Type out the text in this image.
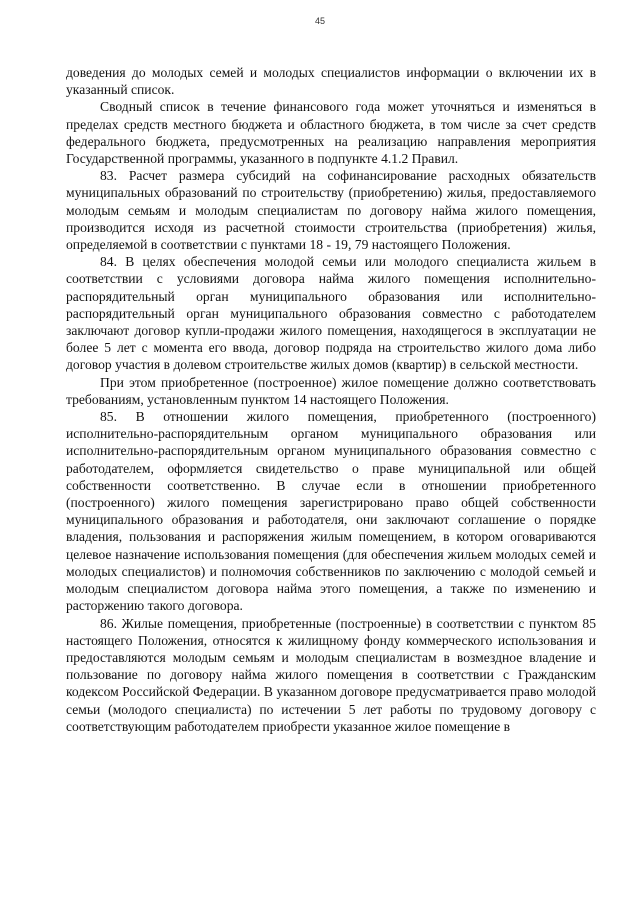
45

доведения до молодых семей и молодых специалистов информации о включении их в указанный список.

Сводный список в течение финансового года может уточняться и изменяться в пределах средств местного бюджета и областного бюджета, в том числе за счет средств федерального бюджета, предусмотренных на реализацию направления мероприятия Государственной программы, указанного в подпункте 4.1.2 Правил.

83. Расчет размера субсидий на софинансирование расходных обязательств муниципальных образований по строительству (приобретению) жилья, предоставляемого молодым семьям и молодым специалистам по договору найма жилого помещения, производится исходя из расчетной стоимости строительства (приобретения) жилья, определяемой в соответствии с пунктами 18 - 19, 79 настоящего Положения.

84. В целях обеспечения молодой семьи или молодого специалиста жильем в соответствии с условиями договора найма жилого помещения исполнительно-распорядительный орган муниципального образования или исполнительно-распорядительный орган муниципального образования совместно с работодателем заключают договор купли-продажи жилого помещения, находящегося в эксплуатации не более 5 лет с момента его ввода, договор подряда на строительство жилого дома либо договор участия в долевом строительстве жилых домов (квартир) в сельской местности.

При этом приобретенное (построенное) жилое помещение должно соответствовать требованиям, установленным пунктом 14 настоящего Положения.

85. В отношении жилого помещения, приобретенного (построенного) исполнительно-распорядительным органом муниципального образования или исполнительно-распорядительным органом муниципального образования совместно с работодателем, оформляется свидетельство о праве муниципальной или общей собственности соответственно. В случае если в отношении приобретенного (построенного) жилого помещения зарегистрировано право общей собственности муниципального образования и работодателя, они заключают соглашение о порядке владения, пользования и распоряжения жилым помещением, в котором оговариваются целевое назначение использования помещения (для обеспечения жильем молодых семей и молодых специалистов) и полномочия собственников по заключению с молодой семьей и молодым специалистом договора найма этого помещения, а также по изменению и расторжению такого договора.

86. Жилые помещения, приобретенные (построенные) в соответствии с пунктом 85 настоящего Положения, относятся к жилищному фонду коммерческого использования и предоставляются молодым семьям и молодым специалистам в возмездное владение и пользование по договору найма жилого помещения в соответствии с Гражданским кодексом Российской Федерации. В указанном договоре предусматривается право молодой семьи (молодого специалиста) по истечении 5 лет работы по трудовому договору с соответствующим работодателем приобрести указанное жилое помещение в
